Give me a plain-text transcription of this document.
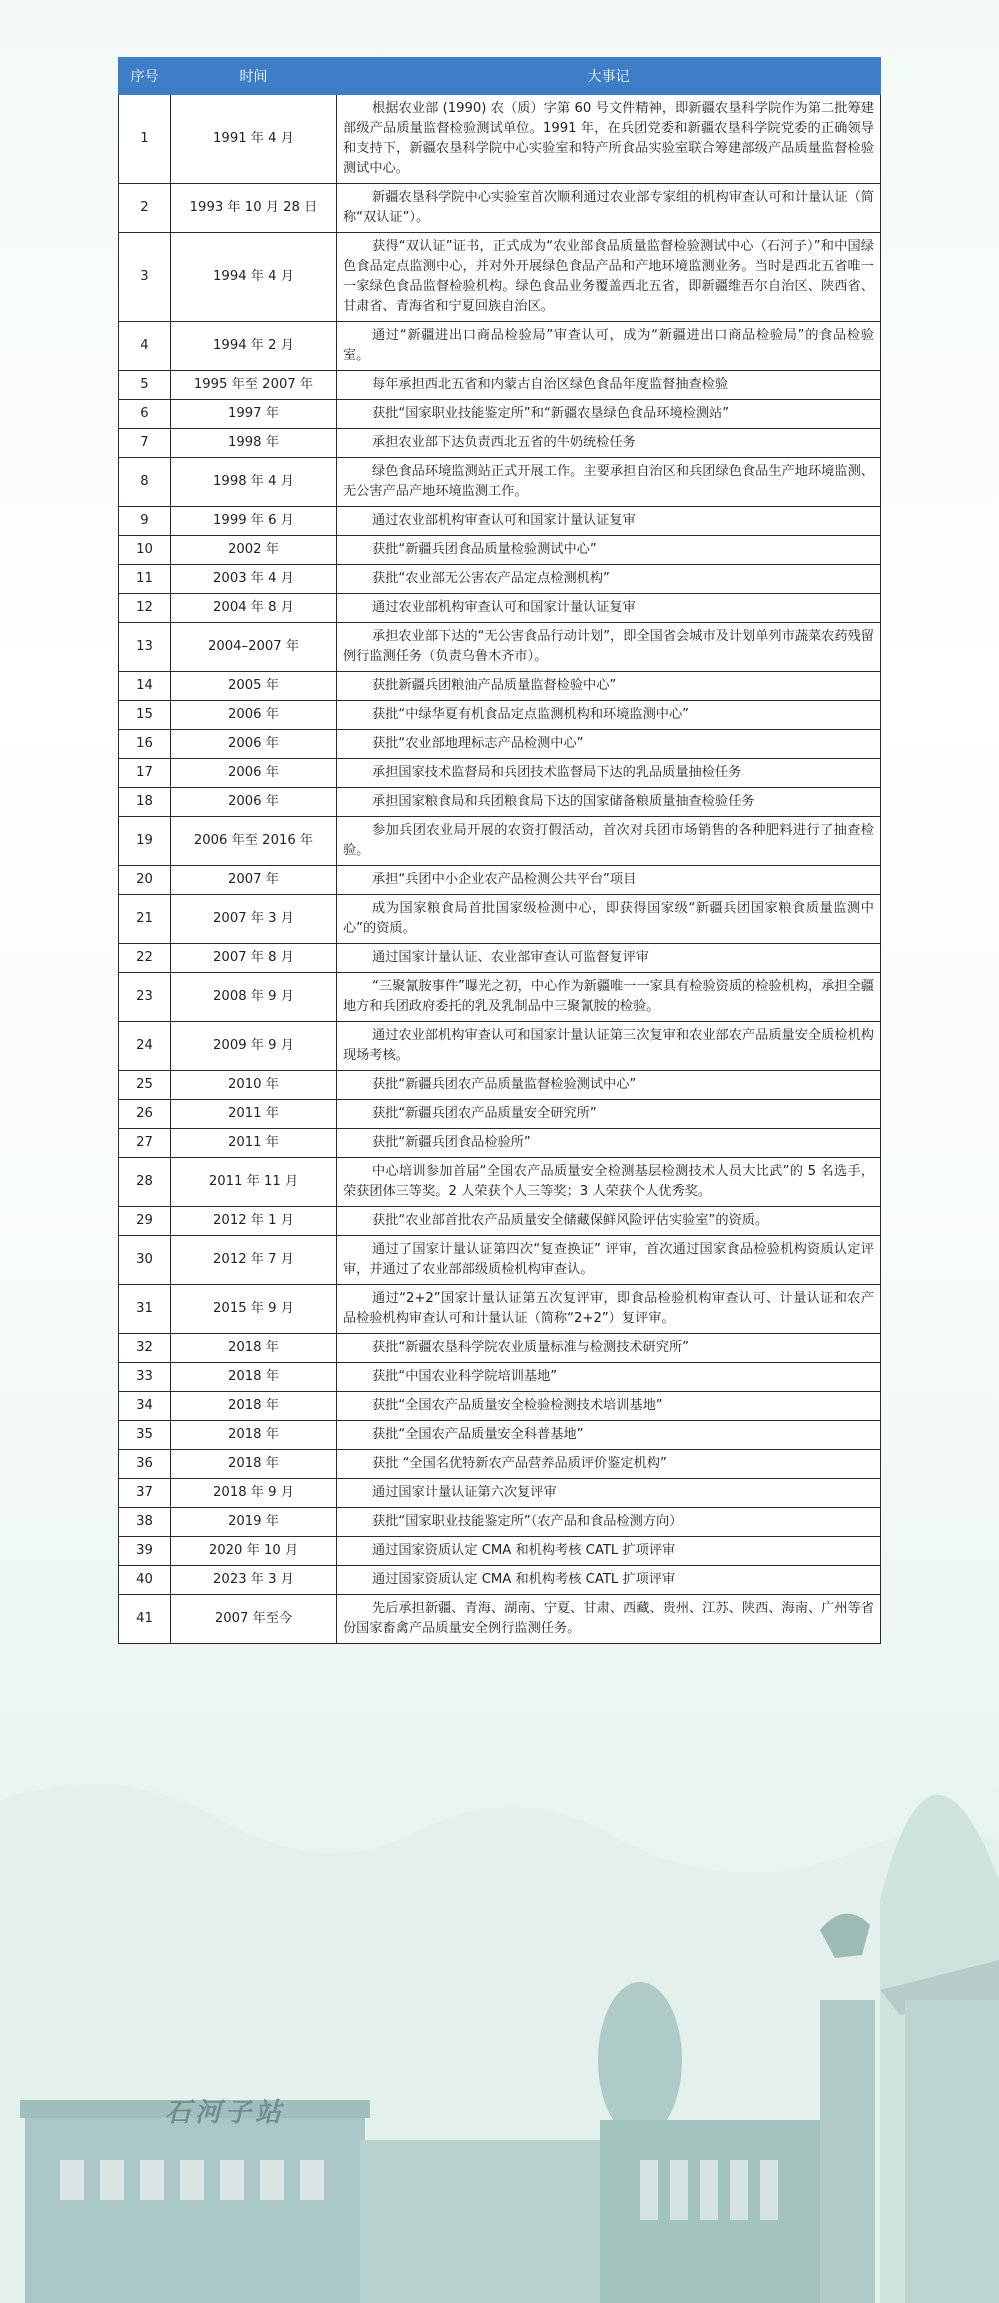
石河子站
序号	时间	大事记
1	1991 年 4 月	根据农业部 (1990) 农（质）字第 60 号文件精神，即新疆农垦科学院作为第二批筹建部级产品质量监督检验测试单位。1991 年，在兵团党委和新疆农垦科学院党委的正确领导和支持下，新疆农垦科学院中心实验室和特产所食品实验室联合筹建部级产品质量监督检验测试中心。
2	1993 年 10 月 28 日	新疆农垦科学院中心实验室首次顺利通过农业部专家组的机构审查认可和计量认证（简称“双认证”）。
3	1994 年 4 月	获得“双认证”证书，正式成为“农业部食品质量监督检验测试中心（石河子）”和中国绿色食品定点监测中心，并对外开展绿色食品产品和产地环境监测业务。当时是西北五省唯一一家绿色食品监督检验机构。绿色食品业务覆盖西北五省，即新疆维吾尔自治区、陕西省、甘肃省、青海省和宁夏回族自治区。
4	1994 年 2 月	通过“新疆进出口商品检验局”审查认可，成为“新疆进出口商品检验局”的食品检验室。
5	1995 年至 2007 年	每年承担西北五省和内蒙古自治区绿色食品年度监督抽查检验
6	1997 年	获批“国家职业技能鉴定所”和“新疆农垦绿色食品环境检测站”
7	1998 年	承担农业部下达负责西北五省的牛奶统检任务
8	1998 年 4 月	绿色食品环境监测站正式开展工作。主要承担自治区和兵团绿色食品生产地环境监测、无公害产品产地环境监测工作。
9	1999 年 6 月	通过农业部机构审查认可和国家计量认证复审
10	2002 年	获批“新疆兵团食品质量检验测试中心”
11	2003 年 4 月	获批“农业部无公害农产品定点检测机构”
12	2004 年 8 月	通过农业部机构审查认可和国家计量认证复审
13	2004–2007 年	承担农业部下达的“无公害食品行动计划”，即全国省会城市及计划单列市蔬菜农药残留例行监测任务（负责乌鲁木齐市）。
14	2005 年	获批新疆兵团粮油产品质量监督检验中心”
15	2006 年	获批“中绿华夏有机食品定点监测机构和环境监测中心”
16	2006 年	获批“农业部地理标志产品检测中心”
17	2006 年	承担国家技术监督局和兵团技术监督局下达的乳品质量抽检任务
18	2006 年	承担国家粮食局和兵团粮食局下达的国家储备粮质量抽查检验任务
19	2006 年至 2016 年	参加兵团农业局开展的农资打假活动，首次对兵团市场销售的各种肥料进行了抽查检验。
20	2007 年	承担“兵团中小企业农产品检测公共平台”项目
21	2007 年 3 月	成为国家粮食局首批国家级检测中心，即获得国家级“新疆兵团国家粮食质量监测中心”的资质。
22	2007 年 8 月	通过国家计量认证、农业部审查认可监督复评审
23	2008 年 9 月	“三聚氰胺事件”曝光之初，中心作为新疆唯一一家具有检验资质的检验机构，承担全疆地方和兵团政府委托的乳及乳制品中三聚氰胺的检验。
24	2009 年 9 月	通过农业部机构审查认可和国家计量认证第三次复审和农业部农产品质量安全质检机构现场考核。
25	2010 年	获批“新疆兵团农产品质量监督检验测试中心”
26	2011 年	获批“新疆兵团农产品质量安全研究所”
27	2011 年	获批“新疆兵团食品检验所”
28	2011 年 11 月	中心培训参加首届“全国农产品质量安全检测基层检测技术人员大比武”的 5 名选手，荣获团体三等奖。2 人荣获个人三等奖；3 人荣获个人优秀奖。
29	2012 年 1 月	获批“农业部首批农产品质量安全储藏保鲜风险评估实验室”的资质。
30	2012 年 7 月	通过了国家计量认证第四次“复查换证” 评审，首次通过国家食品检验机构资质认定评审，并通过了农业部部级质检机构审查认。
31	2015 年 9 月	通过“2+2”国家计量认证第五次复评审，即食品检验机构审查认可、计量认证和农产品检验机构审查认可和计量认证（简称“2+2”）复评审。
32	2018 年	获批“新疆农垦科学院农业质量标准与检测技术研究所”
33	2018 年	获批“中国农业科学院培训基地”
34	2018 年	获批“全国农产品质量安全检验检测技术培训基地”
35	2018 年	获批“全国农产品质量安全科普基地”
36	2018 年	获批 “全国名优特新农产品营养品质评价鉴定机构”
37	2018 年 9 月	通过国家计量认证第六次复评审
38	2019 年	获批“国家职业技能鉴定所”（农产品和食品检测方向）
39	2020 年 10 月	通过国家资质认定 CMA 和机构考核 CATL 扩项评审
40	2023 年 3 月	通过国家资质认定 CMA 和机构考核 CATL 扩项评审
41	2007 年至今	先后承担新疆、青海、湖南、宁夏、甘肃、西藏、贵州、江苏、陕西、海南、广州等省份国家畜禽产品质量安全例行监测任务。
